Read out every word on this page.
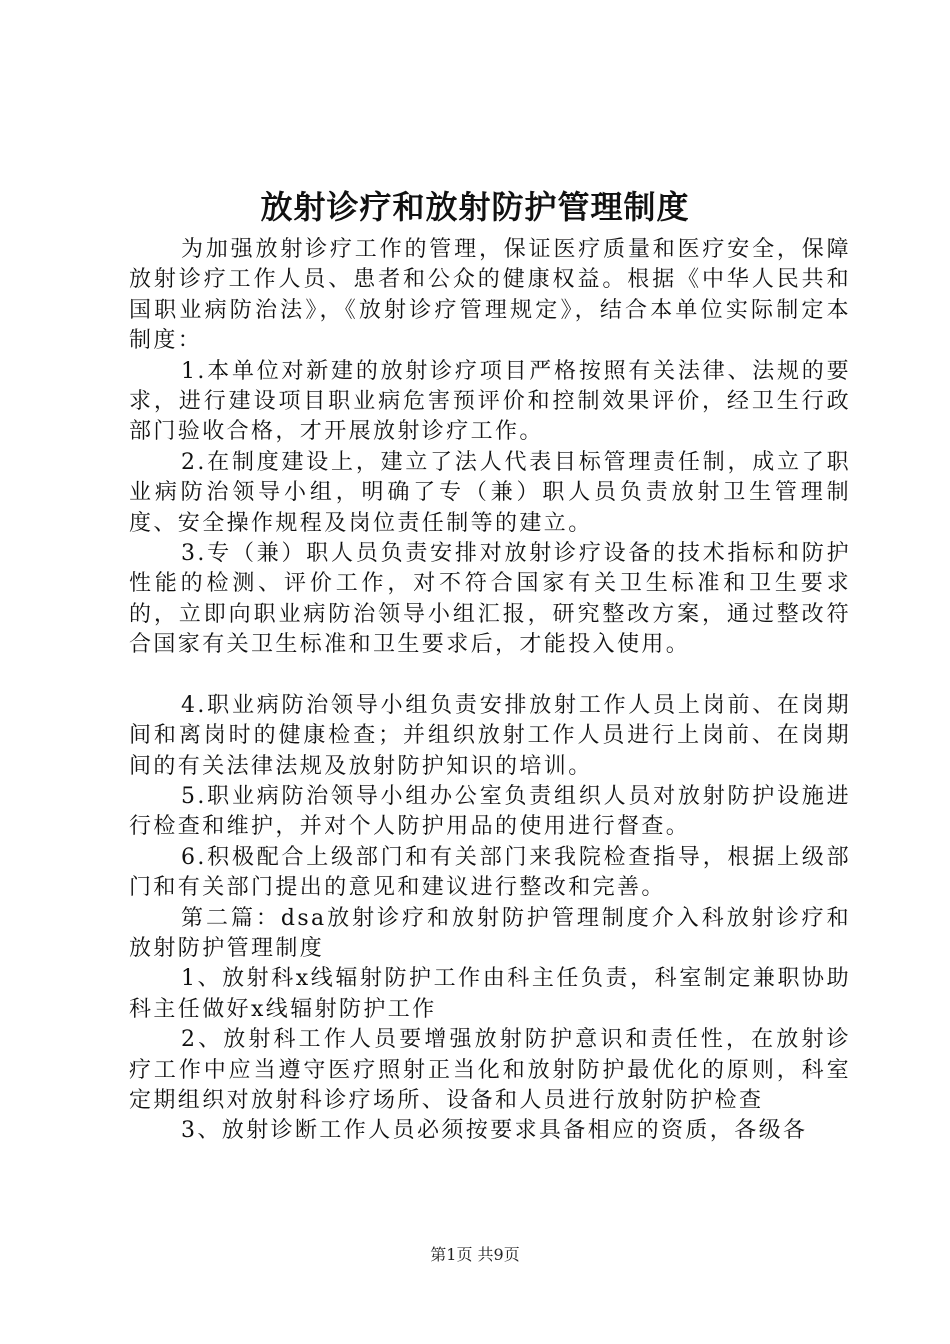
放射诊疗和放射防护管理制度

为加强放射诊疗工作的管理，保证医疗质量和医疗安全，保障放射诊疗工作人员、患者和公众的健康权益。根据《中华人民共和国职业病防治法》，《放射诊疗管理规定》，结合本单位实际制定本制度：

1.本单位对新建的放射诊疗项目严格按照有关法律、法规的要求，进行建设项目职业病危害预评价和控制效果评价，经卫生行政部门验收合格，才开展放射诊疗工作。

2.在制度建设上，建立了法人代表目标管理责任制，成立了职业病防治领导小组，明确了专（兼）职人员负责放射卫生管理制度、安全操作规程及岗位责任制等的建立。

3.专（兼）职人员负责安排对放射诊疗设备的技术指标和防护性能的检测、评价工作，对不符合国家有关卫生标准和卫生要求的，立即向职业病防治领导小组汇报，研究整改方案，通过整改符合国家有关卫生标准和卫生要求后，才能投入使用。

4.职业病防治领导小组负责安排放射工作人员上岗前、在岗期间和离岗时的健康检查；并组织放射工作人员进行上岗前、在岗期间的有关法律法规及放射防护知识的培训。

5.职业病防治领导小组办公室负责组织人员对放射防护设施进行检查和维护，并对个人防护用品的使用进行督查。

6.积极配合上级部门和有关部门来我院检查指导，根据上级部门和有关部门提出的意见和建议进行整改和完善。

第二篇：dsa放射诊疗和放射防护管理制度介入科放射诊疗和放射防护管理制度

1、放射科x线辐射防护工作由科主任负责，科室制定兼职协助科主任做好x线辐射防护工作

2、放射科工作人员要增强放射防护意识和责任性，在放射诊疗工作中应当遵守医疗照射正当化和放射防护最优化的原则，科室定期组织对放射科诊疗场所、设备和人员进行放射防护检查

3、放射诊断工作人员必须按要求具备相应的资质，各级各

第1页 共9页
